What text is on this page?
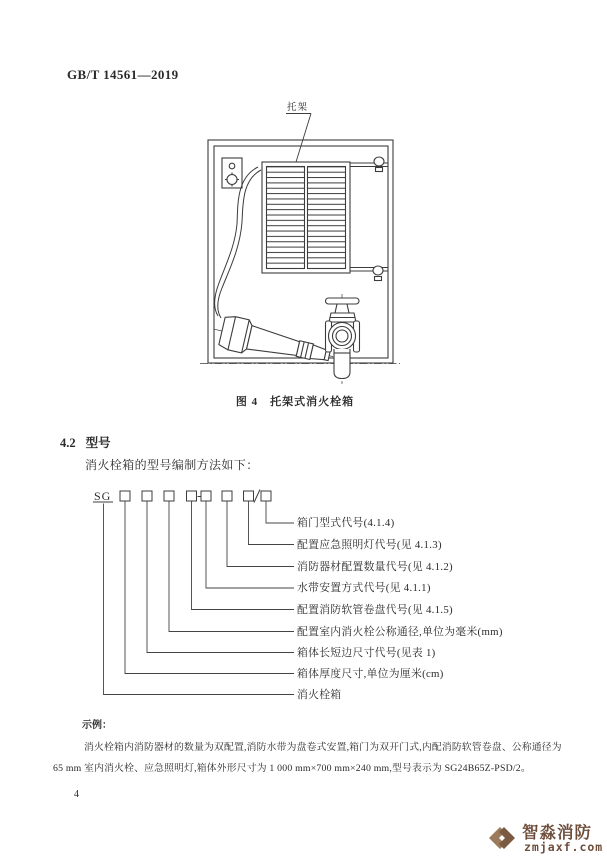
GB/T 14561—2019
托架
图 4　托架式消火栓箱
4.2 型号
消火栓箱的型号编制方法如下：
SG
箱门型式代号(4.1.4)
配置应急照明灯代号(见 4.1.3)
消防器材配置数量代号(见 4.1.2)
水带安置方式代号(见 4.1.1)
配置消防软管卷盘代号(见 4.1.5)
配置室内消火栓公称通径,单位为毫米(mm)
箱体长短边尺寸代号(见表 1)
箱体厚度尺寸,单位为厘米(cm)
消火栓箱
示例：
消火栓箱内消防器材的数量为双配置,消防水带为盘卷式安置,箱门为双开门式,内配消防软管卷盘、公称通径为
65 mm 室内消火栓、应急照明灯,箱体外形尺寸为 1 000 mm×700 mm×240 mm,型号表示为 SG24B65Z-PSD/2。
4
智淼消防
zmjaxf.com
